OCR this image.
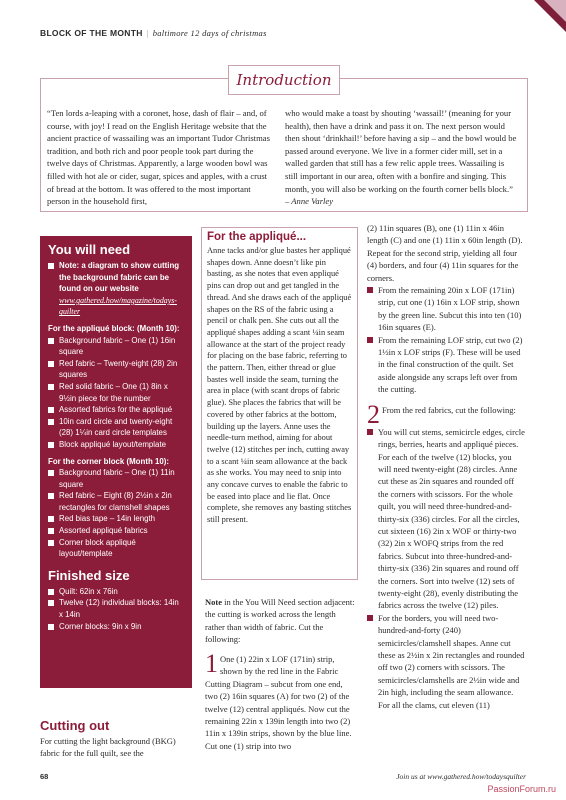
BLOCK OF THE MONTH | baltimore 12 days of christmas
Introduction
“Ten lords a-leaping with a coronet, hose, dash of flair – and, of course, with joy! I read on the English Heritage website that the ancient practice of wassailing was an important Tudor Christmas tradition, and both rich and poor people took part during the twelve days of Christmas. Apparently, a large wooden bowl was filled with hot ale or cider, sugar, spices and apples, with a crust of bread at the bottom. It was offered to the most important person in the household first,
who would make a toast by shouting ‘wassail!’ (meaning for your health), then have a drink and pass it on. The next person would then shout ‘drinkhail!’ before having a sip – and the bowl would be passed around everyone. We live in a former cider mill, set in a walled garden that still has a few relic apple trees. Wassailing is still important in our area, often with a bonfire and singing. This month, you will also be working on the fourth corner bells block.” – Anne Varley
You will need
Note: a diagram to show cutting the background fabric can be found on our website www.gathered.how/magazine/todays-quilter
For the appliqué block: (Month 10):
Background fabric – One (1) 16in square
Red fabric – Twenty-eight (28) 2in squares
Red solid fabric – One (1) 8in x 9½in piece for the number
Assorted fabrics for the appliqué
10in card circle and twenty-eight (28) 1¼in card circle templates
Block appliqué layout/template
For the corner block (Month 10):
Background fabric – One (1) 11in square
Red fabric – Eight (8) 2½in x 2in rectangles for clamshell shapes
Red bias tape – 14in length
Assorted appliqué fabrics
Corner block appliqué layout/template
Finished size
Quilt: 62in x 76in
Twelve (12) individual blocks: 14in x 14in
Corner blocks: 9in x 9in
Cutting out
For cutting the light background (BKG) fabric for the full quilt, see the
For the appliqué...
Anne tacks and/or glue bastes her appliqué shapes down. Anne doesn’t like pin basting, as she notes that even appliqué pins can drop out and get tangled in the thread. And she draws each of the appliqué shapes on the RS of the fabric using a pencil or chalk pen. She cuts out all the appliqué shapes adding a scant ¼in seam allowance at the start of the project ready for placing on the base fabric, referring to the pattern. Then, either thread or glue bastes well inside the seam, turning the area in place (with scant drops of fabric glue). She places the fabrics that will be covered by other fabrics at the bottom, building up the layers. Anne uses the needle-turn method, aiming for about twelve (12) stitches per inch, cutting away to a scant ¼in seam allowance at the back as she works. You may need to snip into any concave curves to enable the fabric to be eased into place and lie flat. Once complete, she removes any basting stitches still present.
Note in the You Will Need section adjacent: the cutting is worked across the length rather than width of fabric. Cut the following:
1 One (1) 22in x LOF (171in) strip, shown by the red line in the Fabric Cutting Diagram – subcut from one end, two (2) 16in squares (A) for two (2) of the twelve (12) central appliqués. Now cut the remaining 22in x 139in length into two (2) 11in x 139in strips, shown by the blue line. Cut one (1) strip into two

(2) 11in squares (B), one (1) 11in x 46in length (C) and one (1) 11in x 60in length (D). Repeat for the second strip, yielding all four (4) borders, and four (4) 11in squares for the corners.

From the remaining 20in x LOF (171in) strip, cut one (1) 16in x LOF strip, shown by the green line. Subcut this into ten (10) 16in squares (E).
From the remaining LOF strip, cut two (2) 1½in x LOF strips (F). These will be used in the final construction of the quilt. Set aside alongside any scraps left over from the cutting.

2 From the red fabrics, cut the following:

You will cut stems, semicircle edges, circle rings, berries, hearts and appliqué pieces. For each of the twelve (12) blocks, you will need twenty-eight (28) circles. Anne cut these as 2in squares and rounded off the corners with scissors. For the whole quilt, you will need three-hundred-and-thirty-six (336) circles. For all the circles, cut sixteen (16) 2in x WOF or thirty-two (32) 2in x WOFQ strips from the red fabrics. Subcut into three-hundred-and-thirty-six (336) 2in squares and round off the corners. Sort into twelve (12) sets of twenty-eight (28), evenly distributing the fabrics across the twelve (12) piles.
For the borders, you will need two-hundred-and-forty (240) semicircles/clamshell shapes. Anne cut these as 2½in x 2in rectangles and rounded off two (2) corners with scissors. The semicircles/clamshells are 2½in wide and 2in high, including the seam allowance. For all the clams, cut eleven (11)
68	Join us at www.gathered.how/todaysquilter
PassionForum.ru
